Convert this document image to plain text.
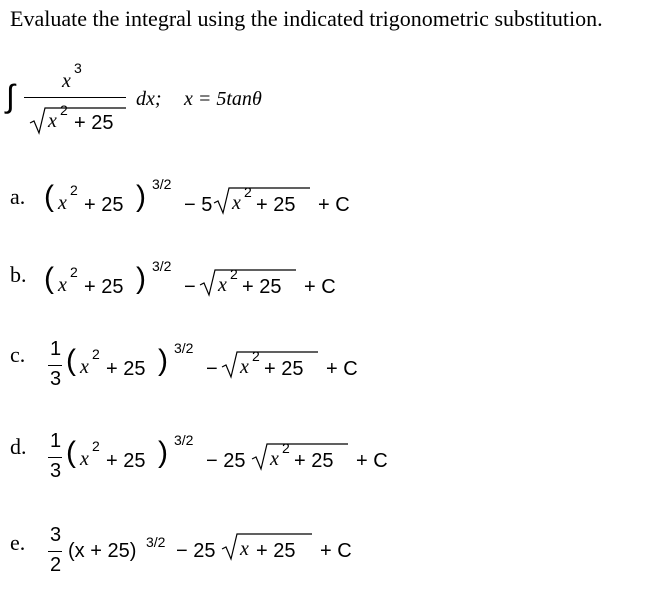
Evaluate the integral using the indicated trigonometric substitution.
∫ x
3
x 2
+ 25
dx; x = 5tanθ
a. ( x
2
+ 25 ) 3/2
− 5 x 2
+ 25 + C
b. ( x
2
+ 25 ) 3/2
− x 2
+ 25 + C
c. 1
3
( x
2
+ 25 ) 3/2
− x 2
+ 25 + C
d. 1
3
( x
2
+ 25 ) 3/2
− 25 x 2
+ 25 + C
e. 3
2
(x + 25) 3/2 − 25 x + 25 + C
